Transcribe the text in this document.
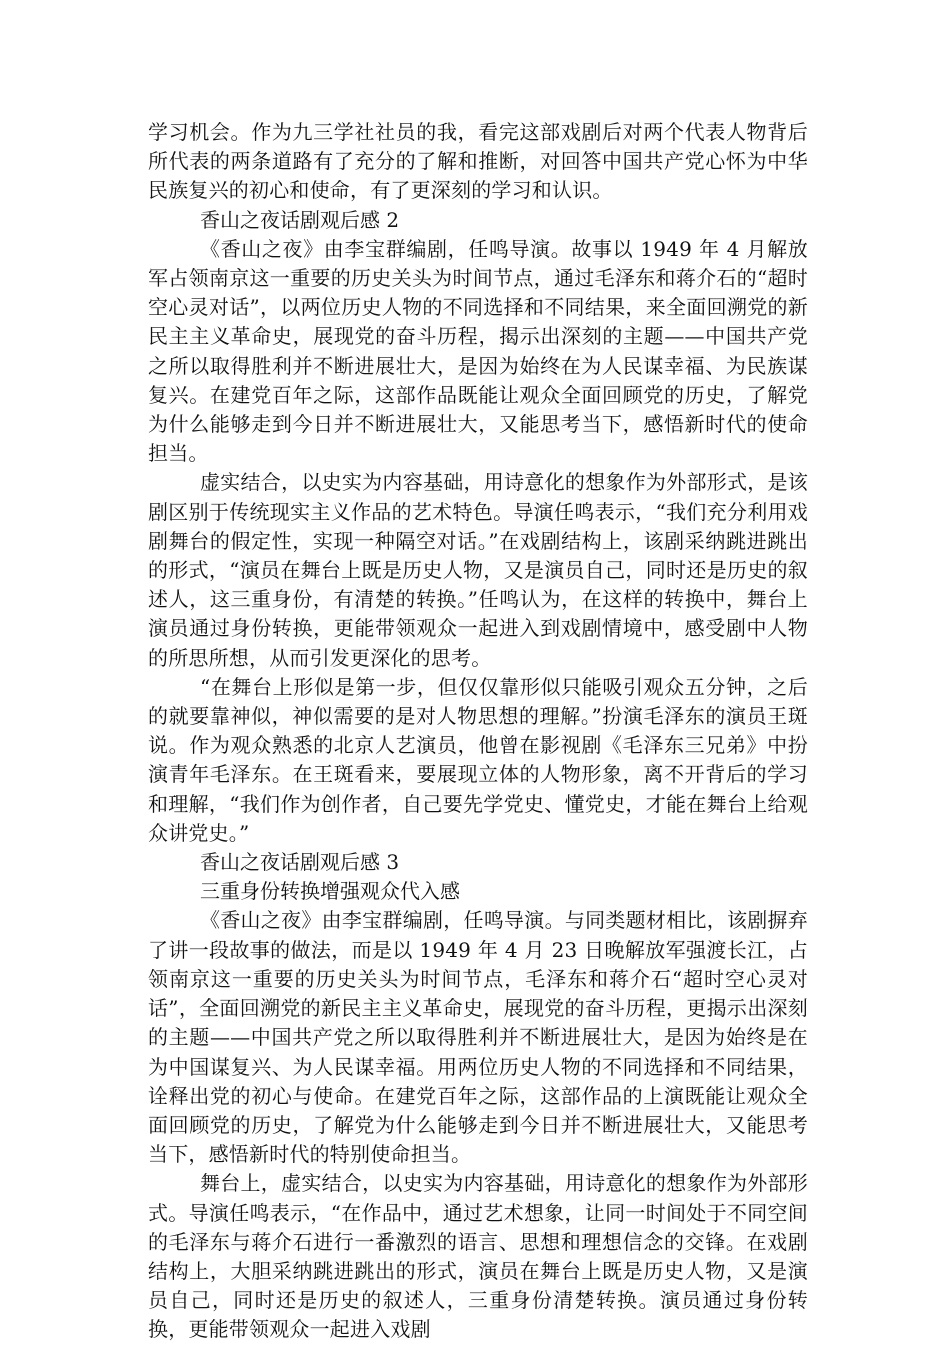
学习机会。作为九三学社社员的我，看完这部戏剧后对两个代表人物背后所代表的两条道路有了充分的了解和推断，对回答中国共产党心怀为中华民族复兴的初心和使命，有了更深刻的学习和认识。

香山之夜话剧观后感 2

《香山之夜》由李宝群编剧，任鸣导演。故事以 1949 年 4 月解放军占领南京这一重要的历史关头为时间节点，通过毛泽东和蒋介石的“超时空心灵对话”，以两位历史人物的不同选择和不同结果，来全面回溯党的新民主主义革命史，展现党的奋斗历程，揭示出深刻的主题——中国共产党之所以取得胜利并不断进展壮大，是因为始终在为人民谋幸福、为民族谋复兴。在建党百年之际，这部作品既能让观众全面回顾党的历史，了解党为什么能够走到今日并不断进展壮大，又能思考当下，感悟新时代的使命担当。

虚实结合，以史实为内容基础，用诗意化的想象作为外部形式，是该剧区别于传统现实主义作品的艺术特色。导演任鸣表示，“我们充分利用戏剧舞台的假定性，实现一种隔空对话。”在戏剧结构上，该剧采纳跳进跳出的形式，“演员在舞台上既是历史人物，又是演员自己，同时还是历史的叙述人，这三重身份，有清楚的转换。”任鸣认为，在这样的转换中，舞台上演员通过身份转换，更能带领观众一起进入到戏剧情境中，感受剧中人物的所思所想，从而引发更深化的思考。

“在舞台上形似是第一步，但仅仅靠形似只能吸引观众五分钟，之后的就要靠神似，神似需要的是对人物思想的理解。”扮演毛泽东的演员王斑说。作为观众熟悉的北京人艺演员，他曾在影视剧《毛泽东三兄弟》中扮演青年毛泽东。在王斑看来，要展现立体的人物形象，离不开背后的学习和理解，“我们作为创作者，自己要先学党史、懂党史，才能在舞台上给观众讲党史。”

香山之夜话剧观后感 3

三重身份转换增强观众代入感

《香山之夜》由李宝群编剧，任鸣导演。与同类题材相比，该剧摒弃了讲一段故事的做法，而是以 1949 年 4 月 23 日晚解放军强渡长江，占领南京这一重要的历史关头为时间节点，毛泽东和蒋介石“超时空心灵对话”，全面回溯党的新民主主义革命史，展现党的奋斗历程，更揭示出深刻的主题——中国共产党之所以取得胜利并不断进展壮大，是因为始终是在为中国谋复兴、为人民谋幸福。用两位历史人物的不同选择和不同结果，诠释出党的初心与使命。在建党百年之际，这部作品的上演既能让观众全面回顾党的历史，了解党为什么能够走到今日并不断进展壮大，又能思考当下，感悟新时代的特别使命担当。

舞台上，虚实结合，以史实为内容基础，用诗意化的想象作为外部形式。导演任鸣表示，“在作品中，通过艺术想象，让同一时间处于不同空间的毛泽东与蒋介石进行一番激烈的语言、思想和理想信念的交锋。在戏剧结构上，大胆采纳跳进跳出的形式，演员在舞台上既是历史人物，又是演员自己，同时还是历史的叙述人，三重身份清楚转换。演员通过身份转换，更能带领观众一起进入戏剧
